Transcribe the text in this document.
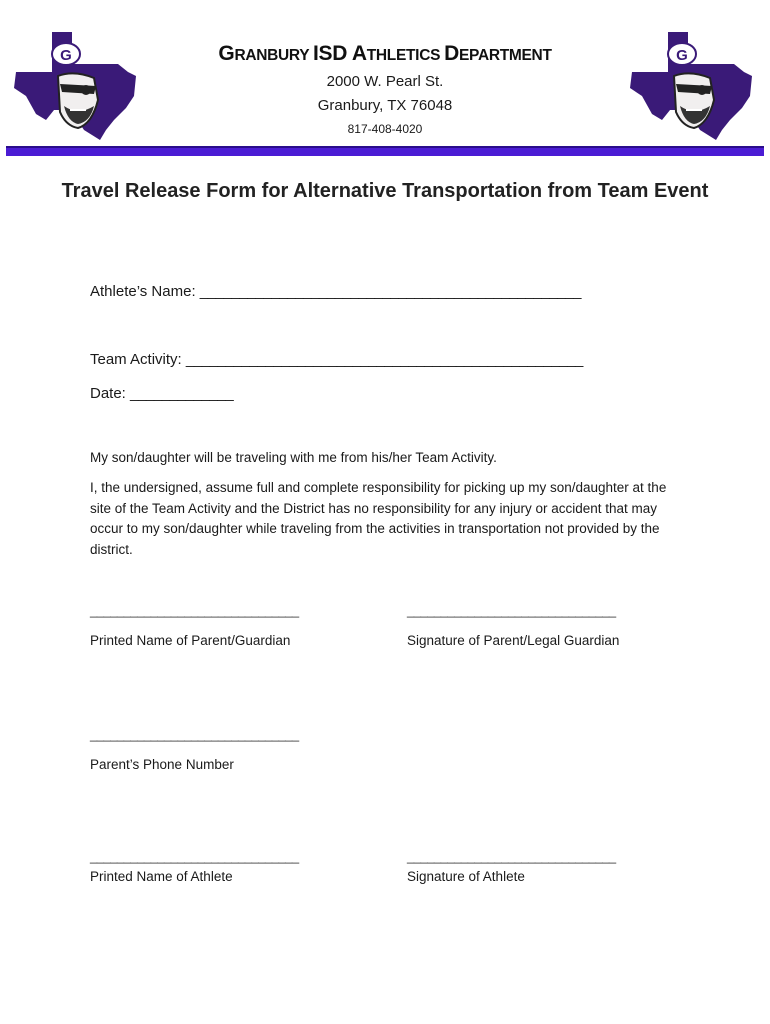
G	G

GRANBURY ISD ATHLETICS DEPARTMENT

2000 W. Pearl St.

Granbury, TX 76048

817-408-4020

Travel Release Form for Alternative Transportation from Team Event
Athlete’s Name: ________________________________________________
Team Activity: __________________________________________________
Date: _____________
My son/daughter will be traveling with me from his/her Team Activity.
I, the undersigned, assume full and complete responsibility for picking up my son/daughter at the site of the Team Activity and the District has no responsibility for any injury or accident that may occur to my son/daughter while traveling from the activities in transportation not provided by the district.
_______________________________	_______________________________
Printed Name of Parent/Guardian	Signature of Parent/Legal Guardian
_______________________________
Parent’s Phone Number
_______________________________	_______________________________
Printed Name of Athlete	Signature of Athlete
